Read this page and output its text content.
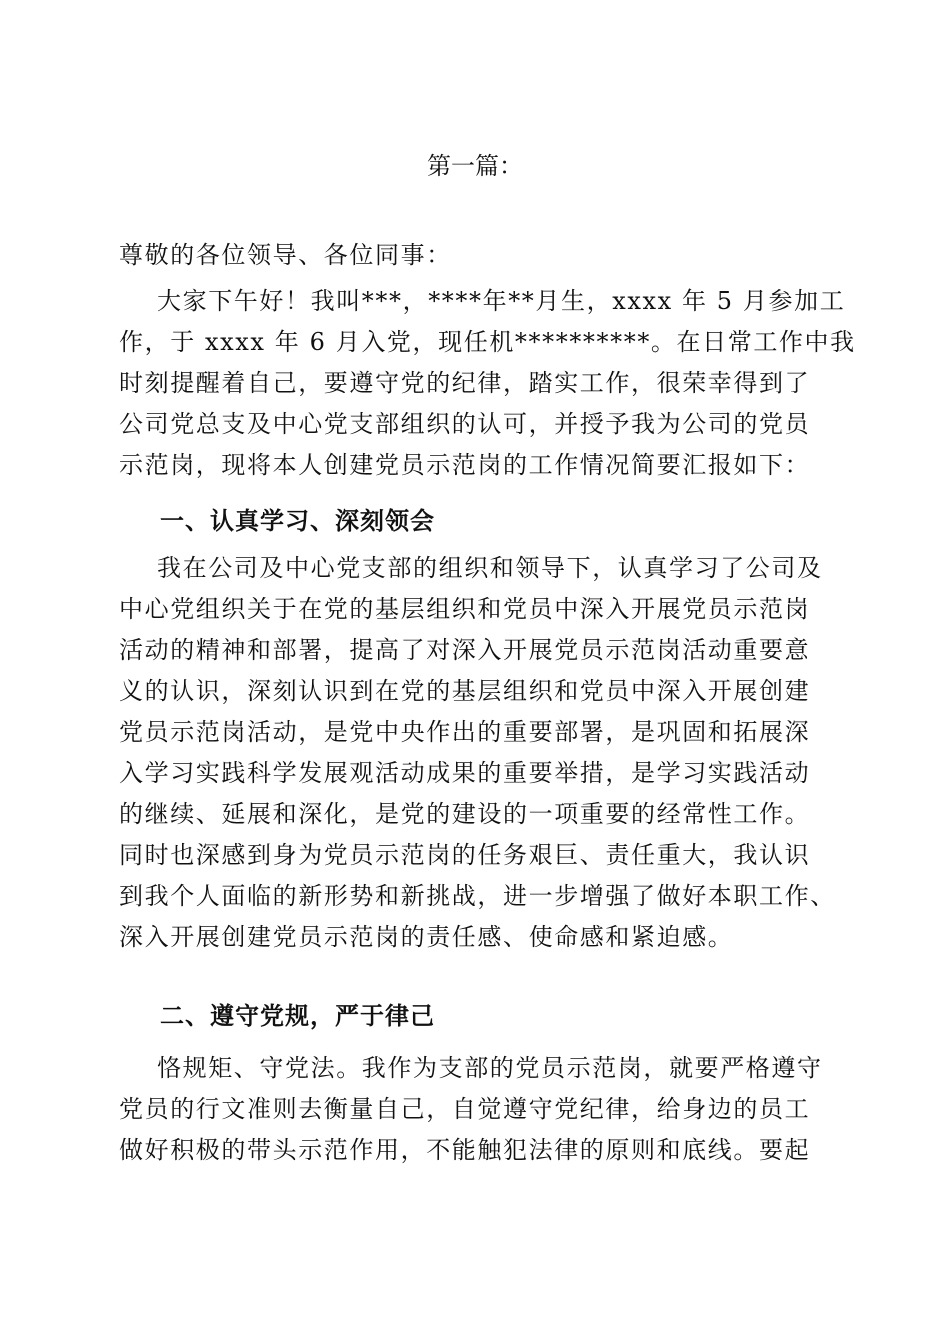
第一篇：
尊敬的各位领导、各位同事：
大家下午好！我叫***，****年**月生，xxxx 年 5 月参加工
作，于 xxxx 年 6 月入党，现任机**********。在日常工作中我
时刻提醒着自己，要遵守党的纪律，踏实工作，很荣幸得到了
公司党总支及中心党支部组织的认可，并授予我为公司的党员
示范岗，现将本人创建党员示范岗的工作情况简要汇报如下：
一、认真学习、深刻领会
我在公司及中心党支部的组织和领导下，认真学习了公司及
中心党组织关于在党的基层组织和党员中深入开展党员示范岗
活动的精神和部署，提高了对深入开展党员示范岗活动重要意
义的认识，深刻认识到在党的基层组织和党员中深入开展创建
党员示范岗活动，是党中央作出的重要部署，是巩固和拓展深
入学习实践科学发展观活动成果的重要举措，是学习实践活动
的继续、延展和深化，是党的建设的一项重要的经常性工作。
同时也深感到身为党员示范岗的任务艰巨、责任重大，我认识
到我个人面临的新形势和新挑战，进一步增强了做好本职工作、
深入开展创建党员示范岗的责任感、使命感和紧迫感。
二、遵守党规，严于律己
恪规矩、守党法。我作为支部的党员示范岗，就要严格遵守
党员的行文准则去衡量自己，自觉遵守党纪律，给身边的员工
做好积极的带头示范作用，不能触犯法律的原则和底线。要起
